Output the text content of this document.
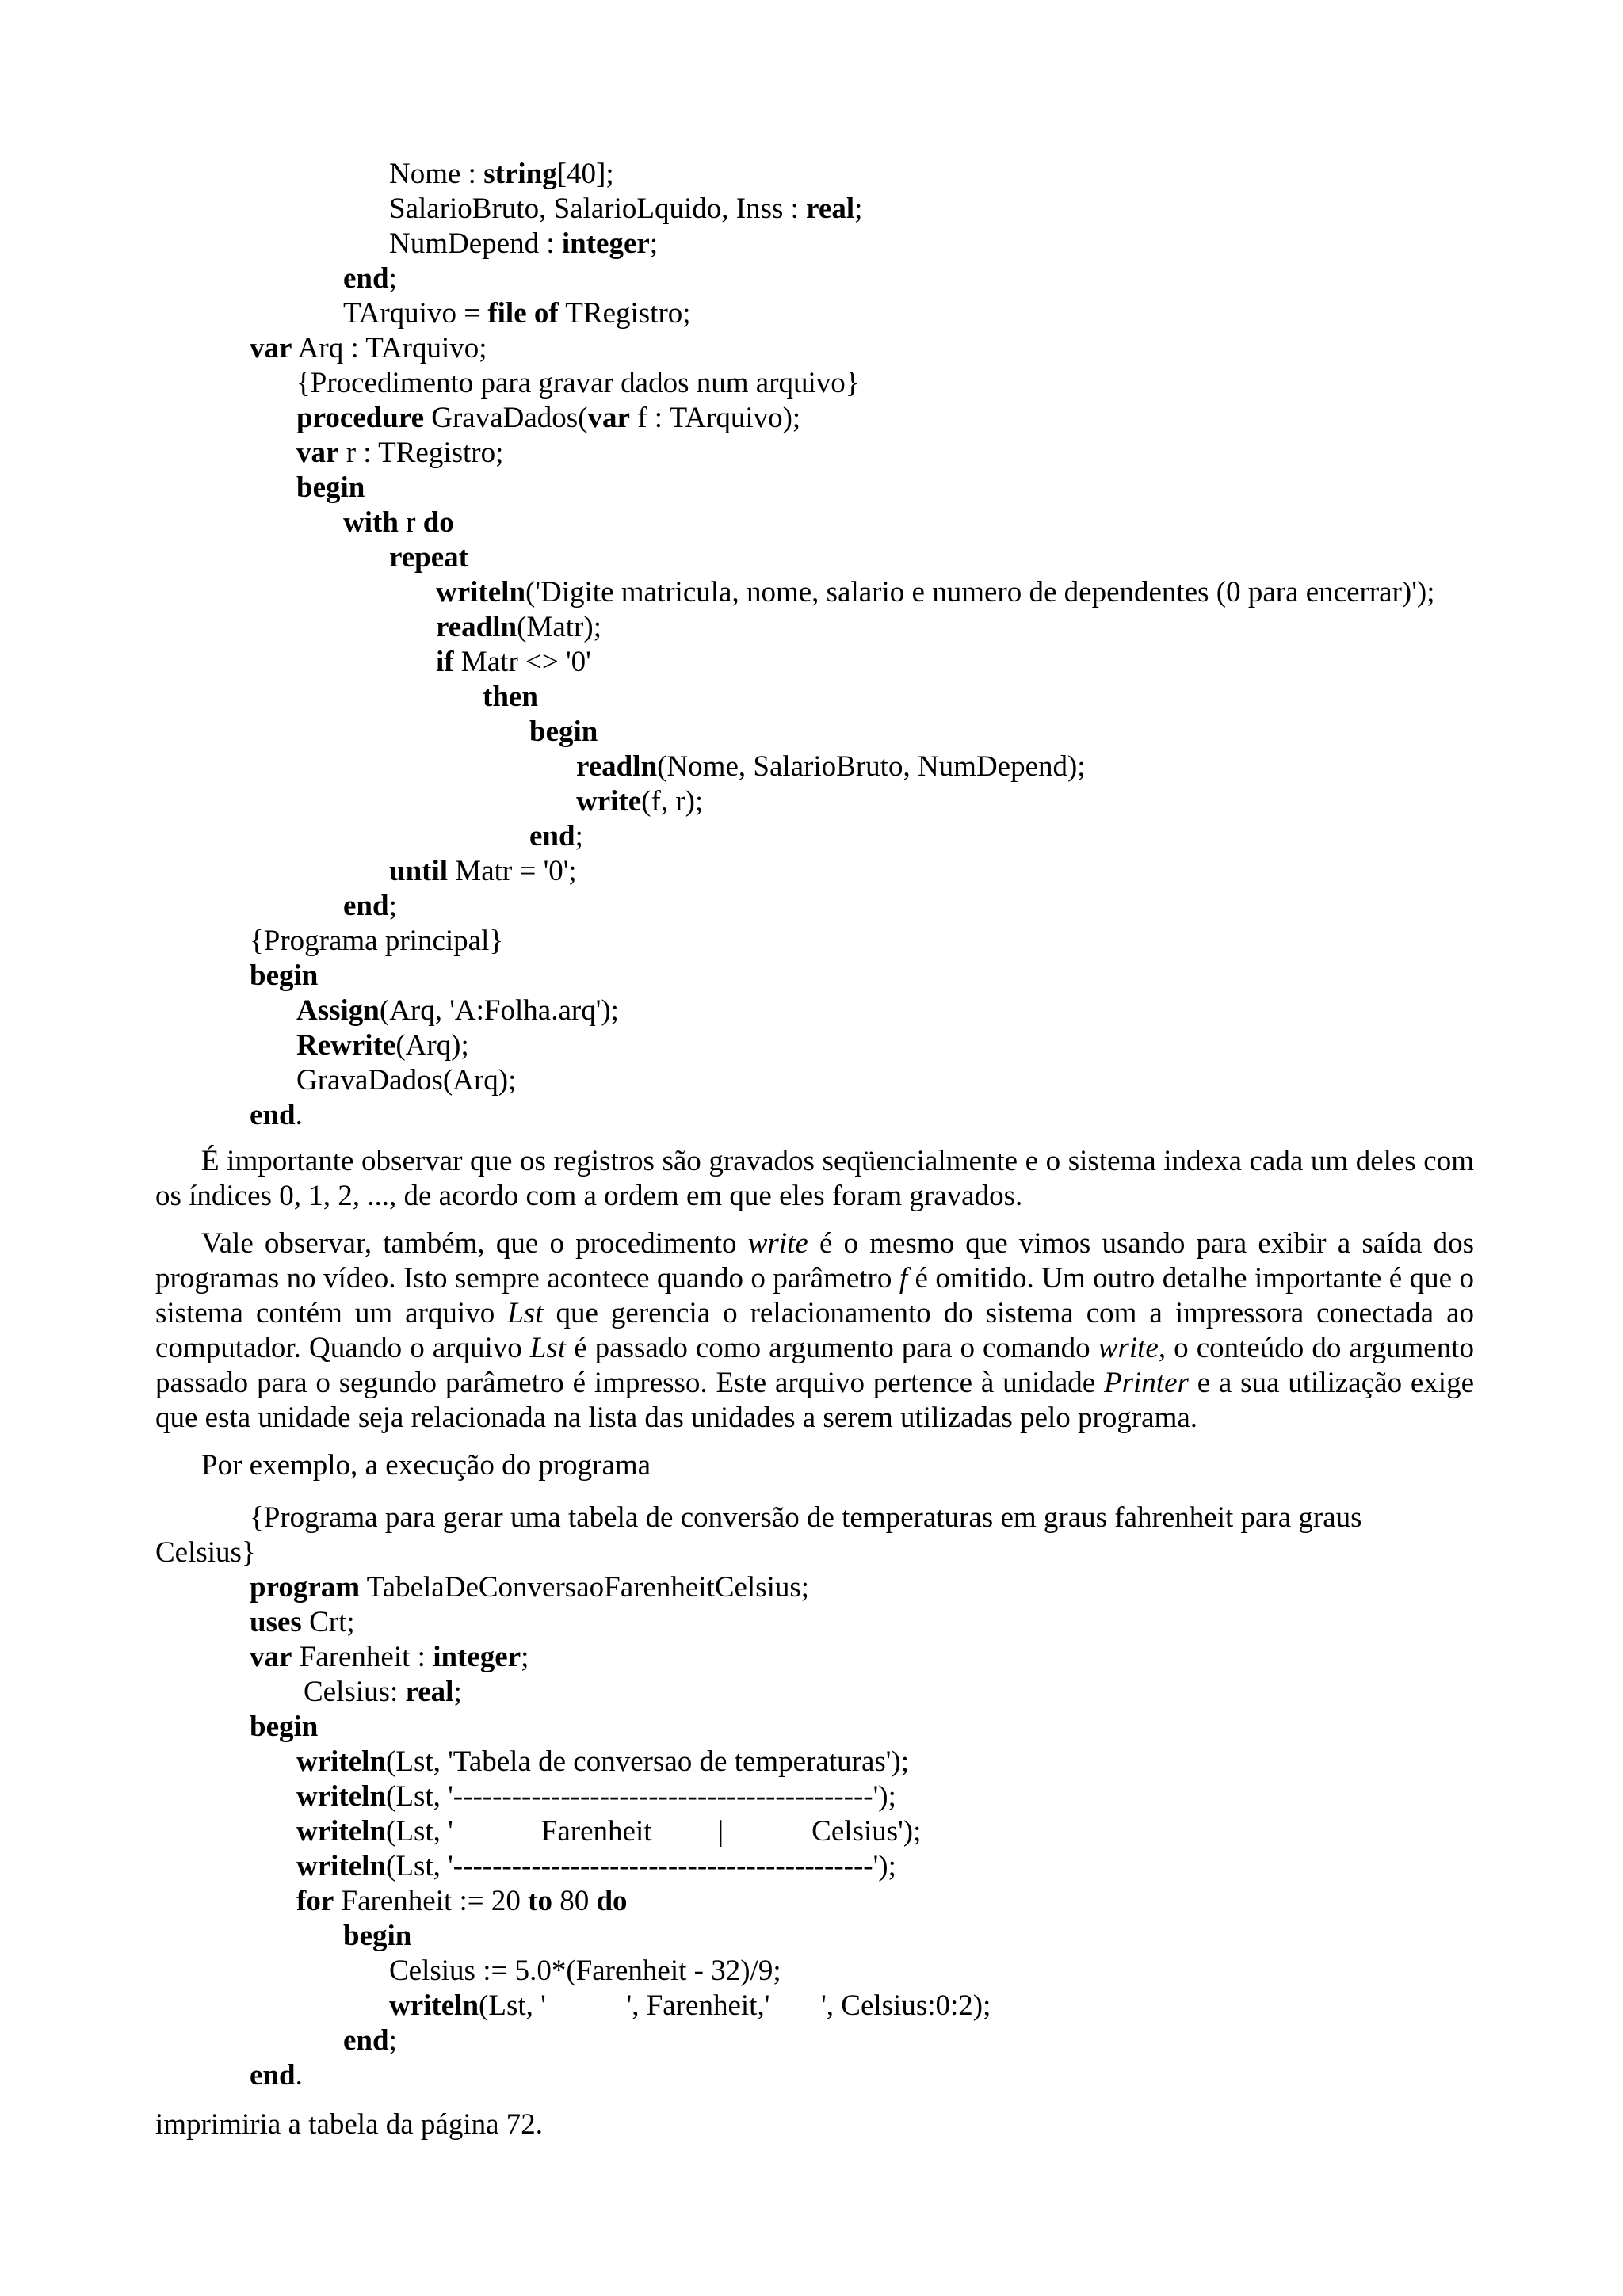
Nome : string[40];
SalarioBruto, SalarioLquido, Inss : real;
NumDepend : integer;
end;
TArquivo = file of TRegistro;
var Arq : TArquivo;
{Procedimento para gravar dados num arquivo}
procedure GravaDados(var f : TArquivo);
var r : TRegistro;
begin
with r do
repeat
writeln('Digite matricula, nome, salario e numero de dependentes (0 para encerrar)');
readln(Matr);
if Matr <> '0'
then
begin
readln(Nome, SalarioBruto, NumDepend);
write(f, r);
end;
until Matr = '0';
end;
{Programa principal}
begin
Assign(Arq, 'A:Folha.arq');
Rewrite(Arq);
GravaDados(Arq);
end.
É importante observar que os registros são gravados seqüencialmente e o sistema indexa cada um deles com os índices 0, 1, 2, ..., de acordo com a ordem em que eles foram gravados.
Vale observar, também, que o procedimento write é o mesmo que vimos usando para exibir a saída dos programas no vídeo. Isto sempre acontece quando o parâmetro f é omitido. Um outro detalhe importante é que o sistema contém um arquivo Lst que gerencia o relacionamento do sistema com a impressora conectada ao computador. Quando o arquivo Lst é passado como argumento para o comando write, o conteúdo do argumento passado para o segundo parâmetro é impresso. Este arquivo pertence à unidade Printer e a sua utilização exige que esta unidade seja relacionada na lista das unidades a serem utilizadas pelo programa.
Por exemplo, a execução do programa
{Programa para gerar uma tabela de conversão de temperaturas em graus fahrenheit para graus
Celsius}
program TabelaDeConversaoFarenheitCelsius;
uses Crt;
var Farenheit : integer;
Celsius: real;
begin
writeln(Lst, 'Tabela de conversao de temperaturas');
writeln(Lst, '-------------------------------------------');
writeln(Lst, '            Farenheit         |            Celsius');
writeln(Lst, '-------------------------------------------');
for Farenheit := 20 to 80 do
begin
Celsius := 5.0*(Farenheit - 32)/9;
writeln(Lst, '           ', Farenheit,'       ', Celsius:0:2);
end;
end.
imprimiria a tabela da página 72.
